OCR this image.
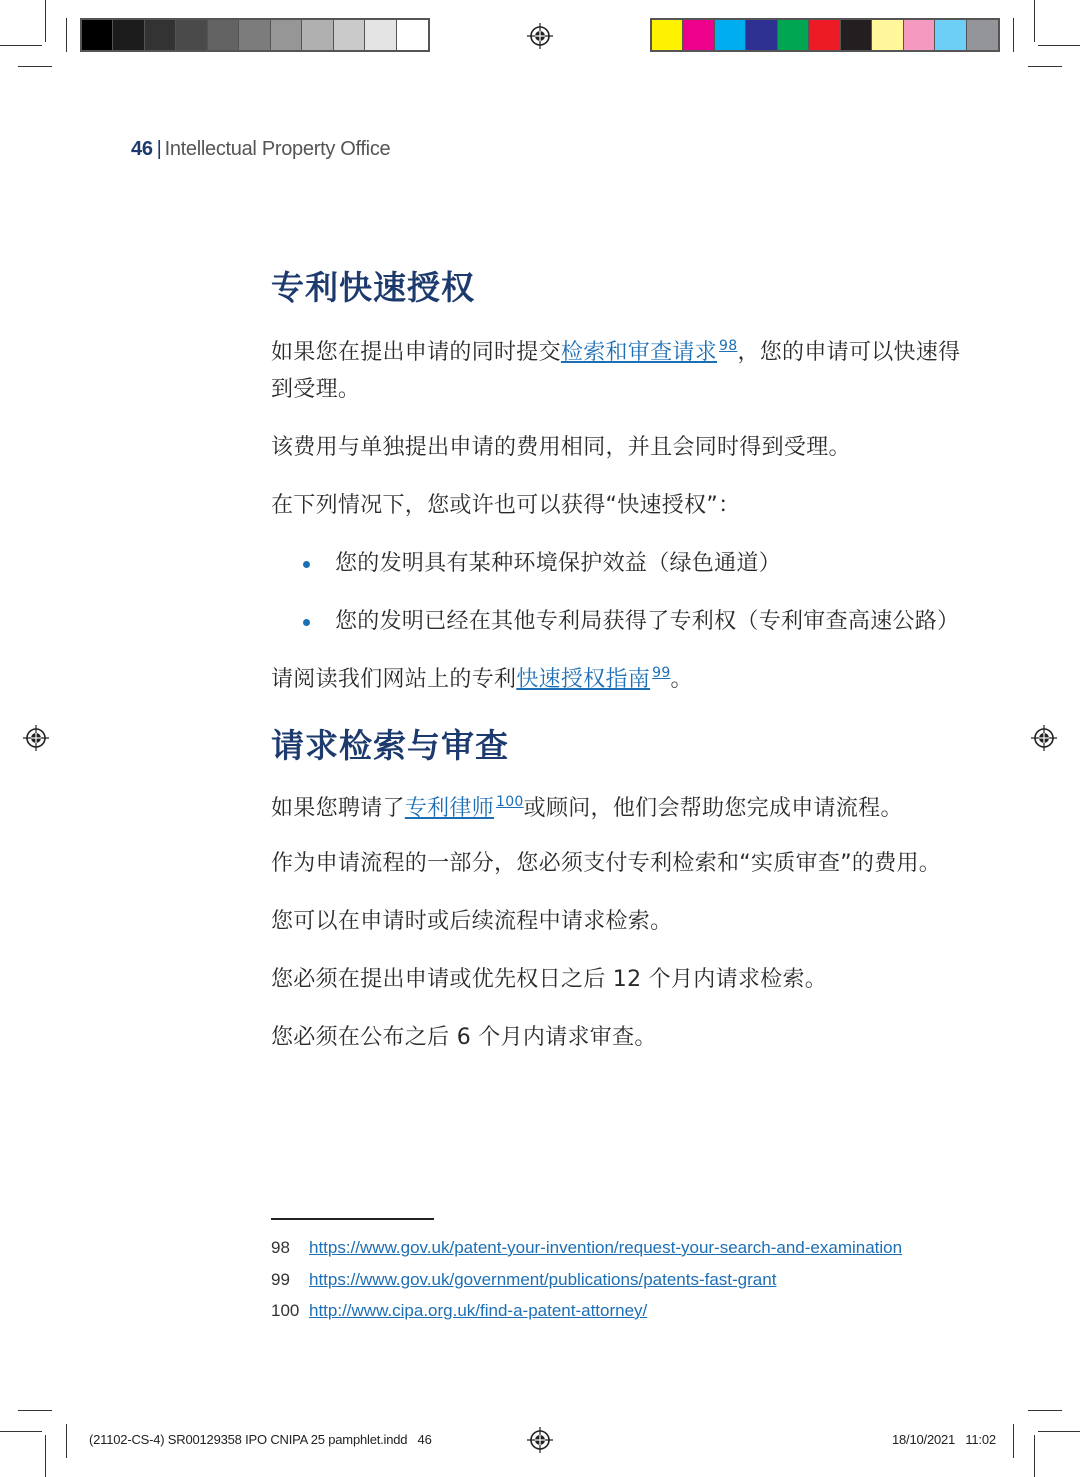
46 | Intellectual Property Office
专利快速授权

如果您在提出申请的同时提交检索和审查请求 $^{98}$，您的申请可以快速得到受理。

该费用与单独提出申请的费用相同，并且会同时得到受理。

在下列情况下，您或许也可以获得“快速授权”：

您的发明具有某种环境保护效益（绿色通道）
您的发明已经在其他专利局获得了专利权（专利审查高速公路）

请阅读我们网站上的专利快速授权指南 $^{99}$。

请求检索与审查

如果您聘请了专利律师 $^{100}$或顾问，他们会帮助您完成申请流程。

作为申请流程的一部分，您必须支付专利检索和“实质审查”的费用。

您可以在申请时或后续流程中请求检索。

您必须在提出申请或优先权日之后 12 个月内请求检索。

您必须在公布之后 6 个月内请求审查。

98	https://www.gov.uk/patent-your-invention/request-your-search-and-examination
99	https://www.gov.uk/government/publications/patents-fast-grant
100 http://www.cipa.org.uk/find-a-patent-attorney/
(21102-CS-4) SR00129358 IPO CNIPA 25 pamphlet.indd   46	18/10/2021 11:02
